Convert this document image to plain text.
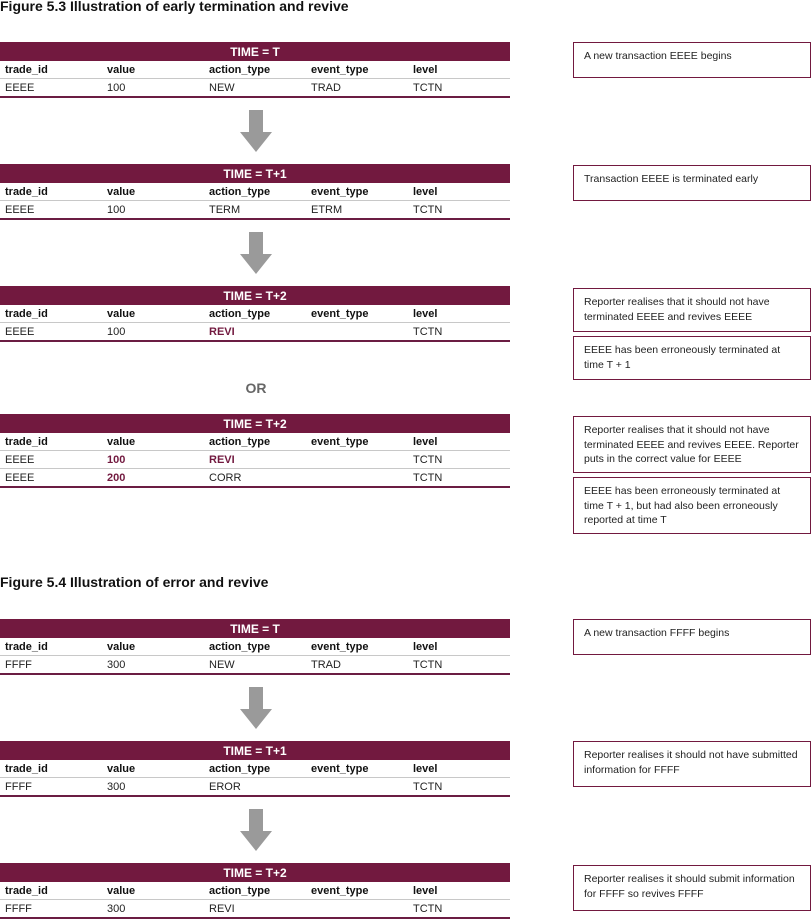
Figure 5.3 Illustration of early termination and revive
TIME = T				
trade_id	value	action_type	event_type	level
EEEE	100	NEW	TRAD	TCTN
TIME = T+1				
trade_id	value	action_type	event_type	level
EEEE	100	TERM	ETRM	TCTN
TIME = T+2				
trade_id	value	action_type	event_type	level
EEEE	100	REVI		TCTN
OR
TIME = T+2				
trade_id	value	action_type	event_type	level
EEEE	100	REVI		TCTN
EEEE	200	CORR		TCTN
A new transaction EEEE begins
Transaction EEEE is terminated early
Reporter realises that it should not have terminated EEEE and revives EEEE
EEEE has been erroneously terminated at time T + 1
Reporter realises that it should not have terminated EEEE and revives EEEE. Reporter puts in the correct value for EEEE
EEEE has been erroneously terminated at time T + 1, but had also been erroneously reported at time T
Figure 5.4 Illustration of error and revive
TIME = T				
trade_id	value	action_type	event_type	level
FFFF	300	NEW	TRAD	TCTN
TIME = T+1				
trade_id	value	action_type	event_type	level
FFFF	300	EROR		TCTN
TIME = T+2				
trade_id	value	action_type	event_type	level
FFFF	300	REVI		TCTN
A new transaction FFFF begins
Reporter realises it should not have submitted information for FFFF
Reporter realises it should submit information for FFFF so revives FFFF
